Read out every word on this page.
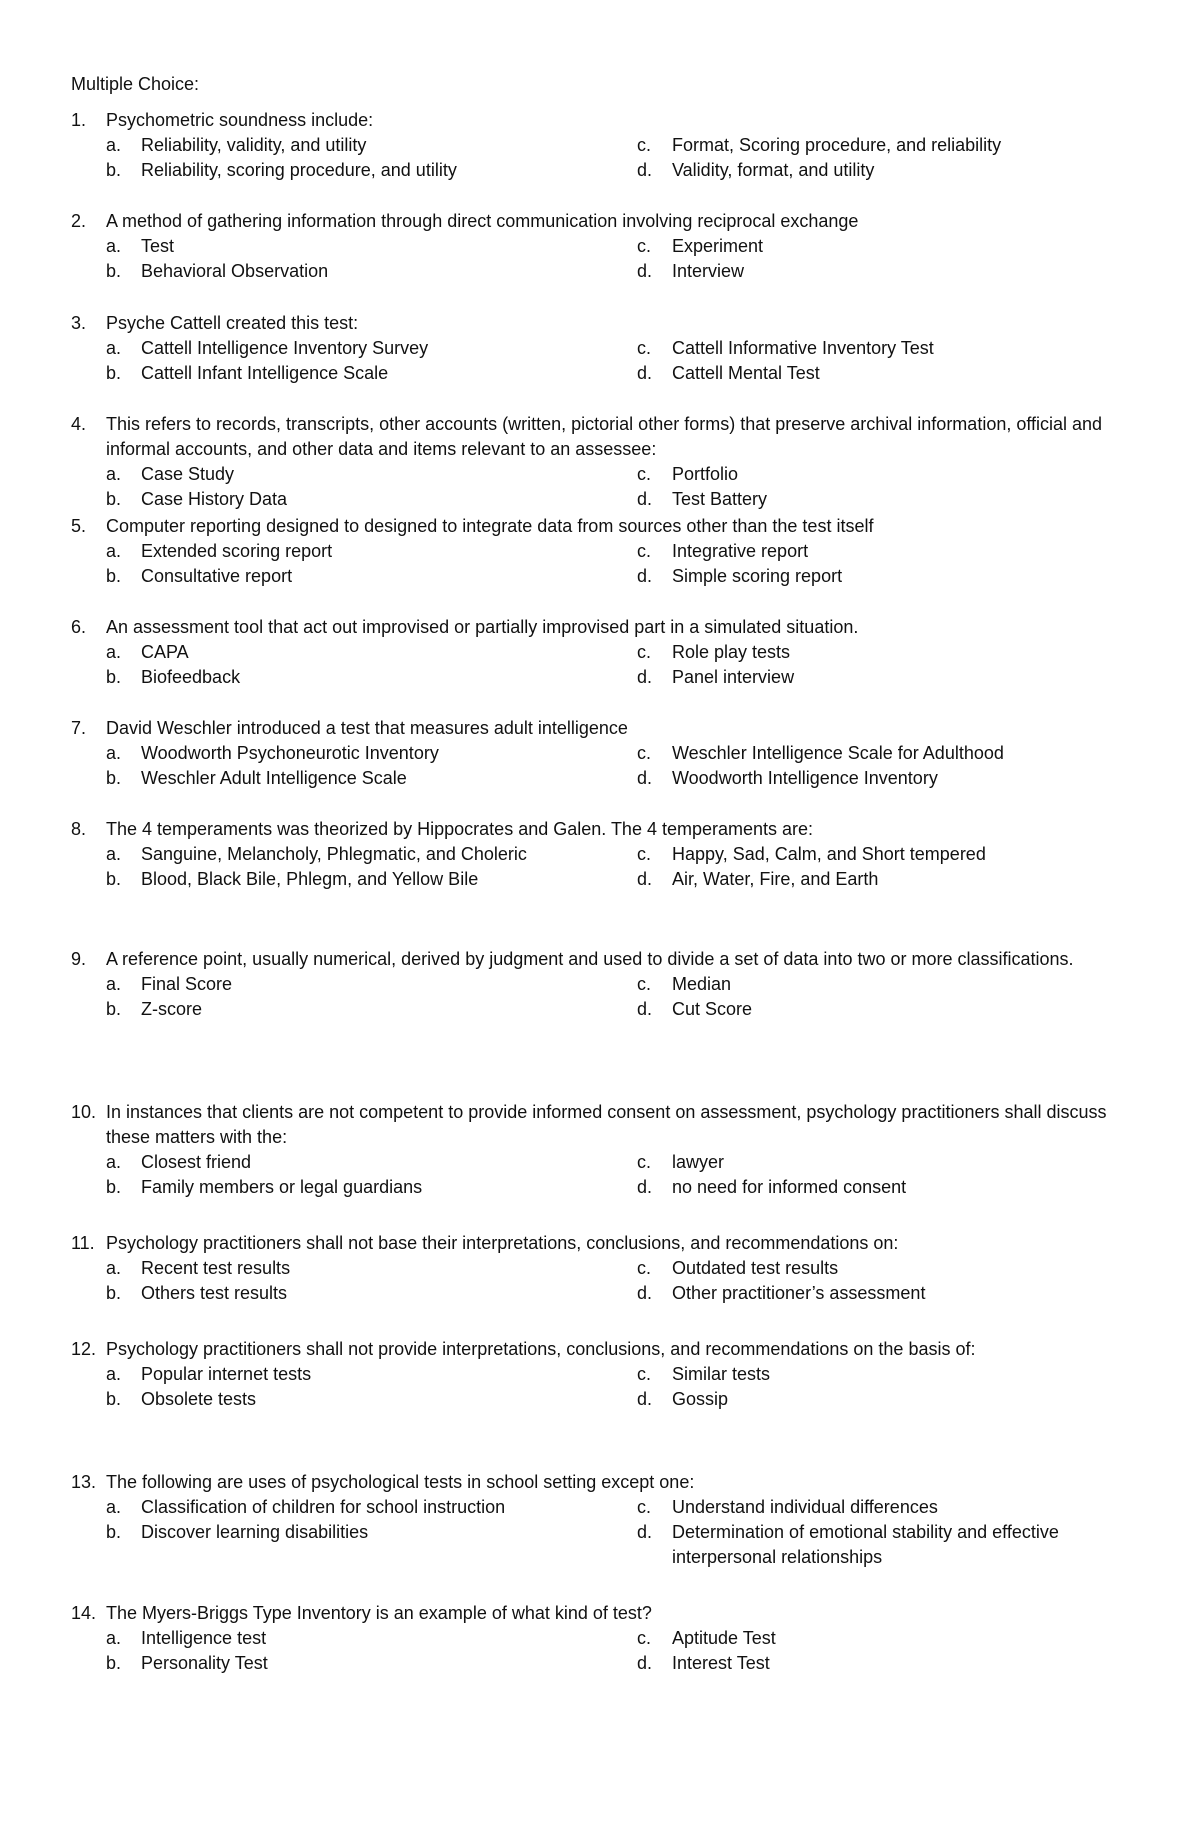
Multiple Choice:
1.	Psychometric soundness include:
a.	Reliability, validity, and utility	c.	Format, Scoring procedure, and reliability
b.	Reliability, scoring procedure, and utility	d.	Validity, format, and utility
2.	A method of gathering information through direct communication involving reciprocal exchange
a.	Test	c.	Experiment
b.	Behavioral Observation	d.	Interview
3.	Psyche Cattell created this test:
a.	Cattell Intelligence Inventory Survey	c.	Cattell Informative Inventory Test
b.	Cattell Infant Intelligence Scale	d.	Cattell Mental Test
4.	This refers to records, transcripts, other accounts (written, pictorial other forms) that preserve archival information, official and informal accounts, and other data and items relevant to an assessee:
a.	Case Study	c.	Portfolio
b.	Case History Data	d.	Test Battery
5.	Computer reporting designed to designed to integrate data from sources other than the test itself
a.	Extended scoring report	c.	Integrative report
b.	Consultative report	d.	Simple scoring report
6.	An assessment tool that act out improvised or partially improvised part in a simulated situation.
a.	CAPA	c.	Role play tests
b.	Biofeedback	d.	Panel interview
7.	David Weschler introduced a test that measures adult intelligence
a.	Woodworth Psychoneurotic Inventory	c.	Weschler Intelligence Scale for Adulthood
b.	Weschler Adult Intelligence Scale	d.	Woodworth Intelligence Inventory
8.	The 4 temperaments was theorized by Hippocrates and Galen. The 4 temperaments are:
a.	Sanguine, Melancholy, Phlegmatic, and Choleric	c.	Happy, Sad, Calm, and Short tempered
b.	Blood, Black Bile, Phlegm, and Yellow Bile	d.	Air, Water, Fire, and Earth
9.	A reference point, usually numerical, derived by judgment and used to divide a set of data into two or more classifications.
a.	Final Score	c.	Median
b.	Z-score	d.	Cut Score
10. In instances that clients are not competent to provide informed consent on assessment, psychology practitioners shall discuss these matters with the:
a.	Closest friend	c.	lawyer
b.	Family members or legal guardians	d.	no need for informed consent
11. Psychology practitioners shall not base their interpretations, conclusions, and recommendations on:
a.	Recent test results	c.	Outdated test results
b.	Others test results	d.	Other practitioner’s assessment
12. Psychology practitioners shall not provide interpretations, conclusions, and recommendations on the basis of:
a.	Popular internet tests	c.	Similar tests
b.	Obsolete tests	d.	Gossip
13. The following are uses of psychological tests in school setting except one:
a.	Classification of children for school instruction	c.	Understand individual differences
b.	Discover learning disabilities	d.	Determination of emotional stability and effective interpersonal relationships
14. The Myers-Briggs Type Inventory is an example of what kind of test?
a.	Intelligence test	c.	Aptitude Test
b.	Personality Test	d.	Interest Test
